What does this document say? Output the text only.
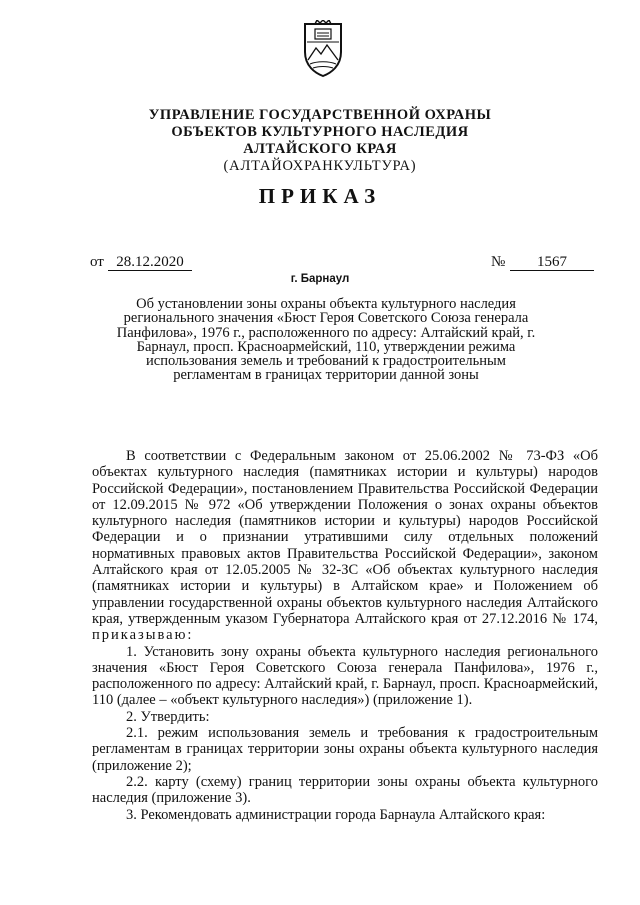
УПРАВЛЕНИЕ ГОСУДАРСТВЕННОЙ ОХРАНЫ
ОБЪЕКТОВ КУЛЬТУРНОГО НАСЛЕДИЯ
АЛТАЙСКОГО КРАЯ
(АЛТАЙОХРАНКУЛЬТУРА)
ПРИКАЗ
от 28.12.2020	№	1567
г. Барнаул
Об установлении зоны охраны объекта культурного наследия регионального значения «Бюст Героя Советского Союза генерала Панфилова», 1976 г., расположенного по адресу: Алтайский край, г. Барнаул, просп. Красноармейский, 110, утверждении режима использования земель и требований к градостроительным регламентам в границах территории данной зоны

В соответствии с Федеральным законом от 25.06.2002 № 73-ФЗ «Об объектах культурного наследия (памятниках истории и культуры) народов Российской Федерации», постановлением Правительства Российской Федерации от 12.09.2015 № 972 «Об утверждении Положения о зонах охраны объектов культурного наследия (памятников истории и культуры) народов Российской Федерации и о признании утратившими силу отдельных положений нормативных правовых актов Правительства Российской Федерации», законом Алтайского края от 12.05.2005 № 32-ЗС «Об объектах культурного наследия (памятниках истории и культуры) в Алтайском крае» и Положением об управлении государственной охраны объектов культурного наследия Алтайского края, утвержденным указом Губернатора Алтайского края от 27.12.2016 № 174, приказываю:

1. Установить зону охраны объекта культурного наследия регионального значения «Бюст Героя Советского Союза генерала Панфилова», 1976 г., расположенного по адресу: Алтайский край, г. Барнаул, просп. Красноармейский, 110 (далее – «объект культурного наследия») (приложение 1).

2. Утвердить:

2.1. режим использования земель и требования к градостроительным регламентам в границах территории зоны охраны объекта культурного наследия (приложение 2);

2.2. карту (схему) границ территории зоны охраны объекта культурного наследия (приложение 3).

3. Рекомендовать администрации города Барнаула Алтайского края:
